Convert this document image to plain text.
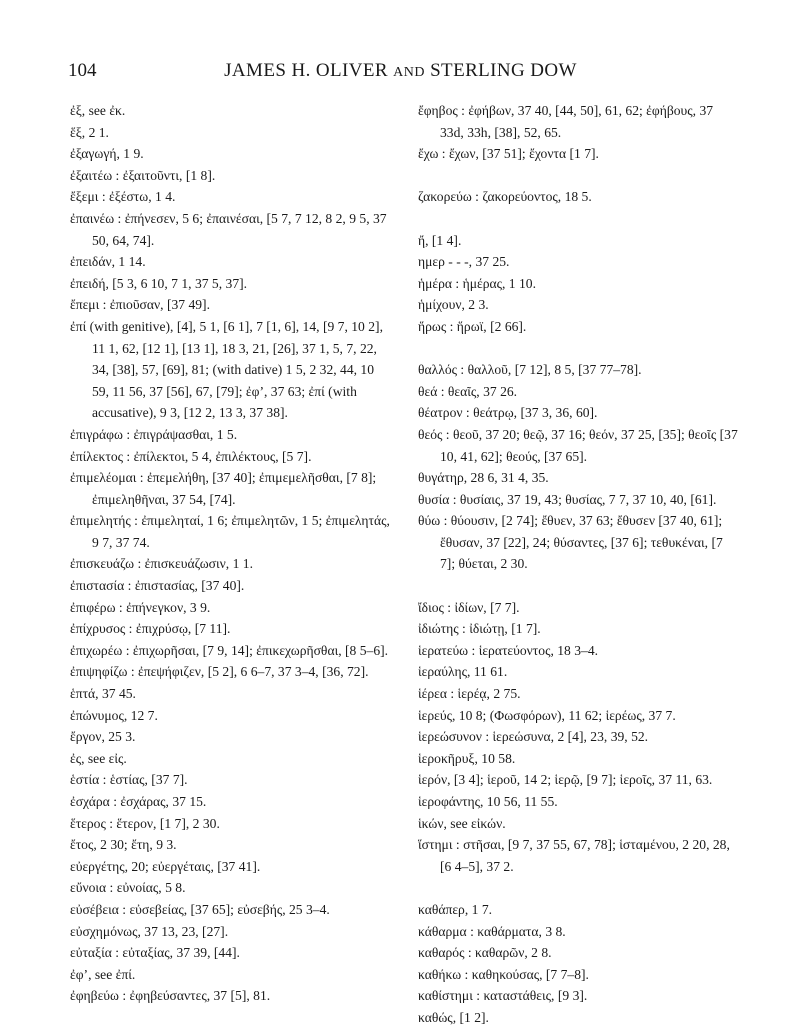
104	JAMES H. OLIVER AND STERLING DOW
ἐξ, see ἐκ.
ἕξ, 2 1.
ἐξαγωγή, 1 9.
ἐξαιτέω : ἐξαιτοῦντι, [1 8].
ἔξεμι : ἐξέστω, 1 4.
ἐπαινέω : ἐπήνεσεν, 5 6; ἐπαινέσαι, [5 7, 7 12, 8 2, 9 5, 37 50, 64, 74].
ἐπειδάν, 1 14.
ἐπειδή, [5 3, 6 10, 7 1, 37 5, 37].
ἔπεμι : ἐπιοῦσαν, [37 49].
ἐπί (with genitive), [4], 5 1, [6 1], 7 [1, 6], 14, [9 7, 10 2], 11 1, 62, [12 1], [13 1], 18 3, 21, [26], 37 1, 5, 7, 22, 34, [38], 57, [69], 81; (with dative) 1 5, 2 32, 44, 10 59, 11 56, 37 [56], 67, [79]; ἐφ’, 37 63; ἐπί (with accusative), 9 3, [12 2, 13 3, 37 38].
ἐπιγράφω : ἐπιγράψασθαι, 1 5.
ἐπίλεκτος : ἐπίλεκτοι, 5 4, ἐπιλέκτους, [5 7].
ἐπιμελέομαι : ἐπεμελήθη, [37 40]; ἐπιμεμελῆσθαι, [7 8]; ἐπιμεληθῆναι, 37 54, [74].
ἐπιμελητής : ἐπιμεληταί, 1 6; ἐπιμελητῶν, 1 5; ἐπιμελητάς, 9 7, 37 74.
ἐπισκευάζω : ἐπισκευάζωσιν, 1 1.
ἐπιστασία : ἐπιστασίας, [37 40].
ἐπιφέρω : ἐπήνεγκον, 3 9.
ἐπίχρυσος : ἐπιχρύσῳ, [7 11].
ἐπιχωρέω : ἐπιχωρῆσαι, [7 9, 14]; ἐπικεχωρῆσθαι, [8 5–6].
ἐπιψηφίζω : ἐπεψήφιζεν, [5 2], 6 6–7, 37 3–4, [36, 72].
ἑπτά, 37 45.
ἐπώνυμος, 12 7.
ἔργον, 25 3.
ἐς, see εἰς.
ἑστία : ἑστίας, [37 7].
ἐσχάρα : ἐσχάρας, 37 15.
ἕτερος : ἕτερον, [1 7], 2 30.
ἔτος, 2 30; ἔτη, 9 3.
εὐεργέτης, 20; εὐεργέταις, [37 41].
εὔνοια : εὐνοίας, 5 8.
εὐσέβεια : εὐσεβείας, [37 65]; εὐσεβής, 25 3–4.
εὐσχημόνως, 37 13, 23, [27].
εὐταξία : εὐταξίας, 37 39, [44].
ἐφ’, see ἐπί.
ἐφηβεύω : ἐφηβεύσαντες, 37 [5], 81.
ἔφηβος : ἐφήβων, 37 40, [44, 50], 61, 62; ἐφήβους, 37 33d, 33h, [38], 52, 65.
ἔχω : ἔχων, [37 51]; ἔχοντα [1 7].
ζακορεύω : ζακορεύοντος, 18 5.
ἤ, [1 4].
ημερ - - -, 37 25.
ἡμέρα : ἡμέρας, 1 10.
ἡμίχουν, 2 3.
ἥρως : ἥρωϊ, [2 66].
θαλλός : θαλλοῦ, [7 12], 8 5, [37 77–78].
θεά : θεαῖς, 37 26.
θέατρον : θεάτρῳ, [37 3, 36, 60].
θεός : θεοῦ, 37 20; θεῷ, 37 16; θεόν, 37 25, [35]; θεοῖς [37 10, 41, 62]; θεούς, [37 65].
θυγάτηρ, 28 6, 31 4, 35.
θυσία : θυσίαις, 37 19, 43; θυσίας, 7 7, 37 10, 40, [61].
θύω : θύουσιν, [2 74]; ἔθυεν, 37 63; ἔθυσεν [37 40, 61]; ἔθυσαν, 37 [22], 24; θύσαντες, [37 6]; τεθυκέναι, [7 7]; θύεται, 2 30.
ἴδιος : ἰδίων, [7 7].
ἰδιώτης : ἰδιώτῃ, [1 7].
ἱερατεύω : ἱερατεύοντος, 18 3–4.
ἱεραύλης, 11 61.
ἱέρεα : ἱερέᾳ, 2 75.
ἱερεύς, 10 8; (Φωσφόρων), 11 62; ἱερέως, 37 7.
ἱερεώσυνον : ἱερεώσυνα, 2 [4], 23, 39, 52.
ἱεροκῆρυξ, 10 58.
ἱερόν, [3 4]; ἱεροῦ, 14 2; ἱερῷ, [9 7]; ἱεροῖς, 37 11, 63.
ἱεροφάντης, 10 56, 11 55.
ἱκών, see εἰκών.
ἵστημι : στῆσαι, [9 7, 37 55, 67, 78]; ἱσταμένου, 2 20, 28, [6 4–5], 37 2.
καθάπερ, 1 7.
κάθαρμα : καθάρματα, 3 8.
καθαρός : καθαρῶν, 2 8.
καθήκω : καθηκούσας, [7 7–8].
καθίστημι : καταστάθεις, [9 3].
καθώς, [1 2].
